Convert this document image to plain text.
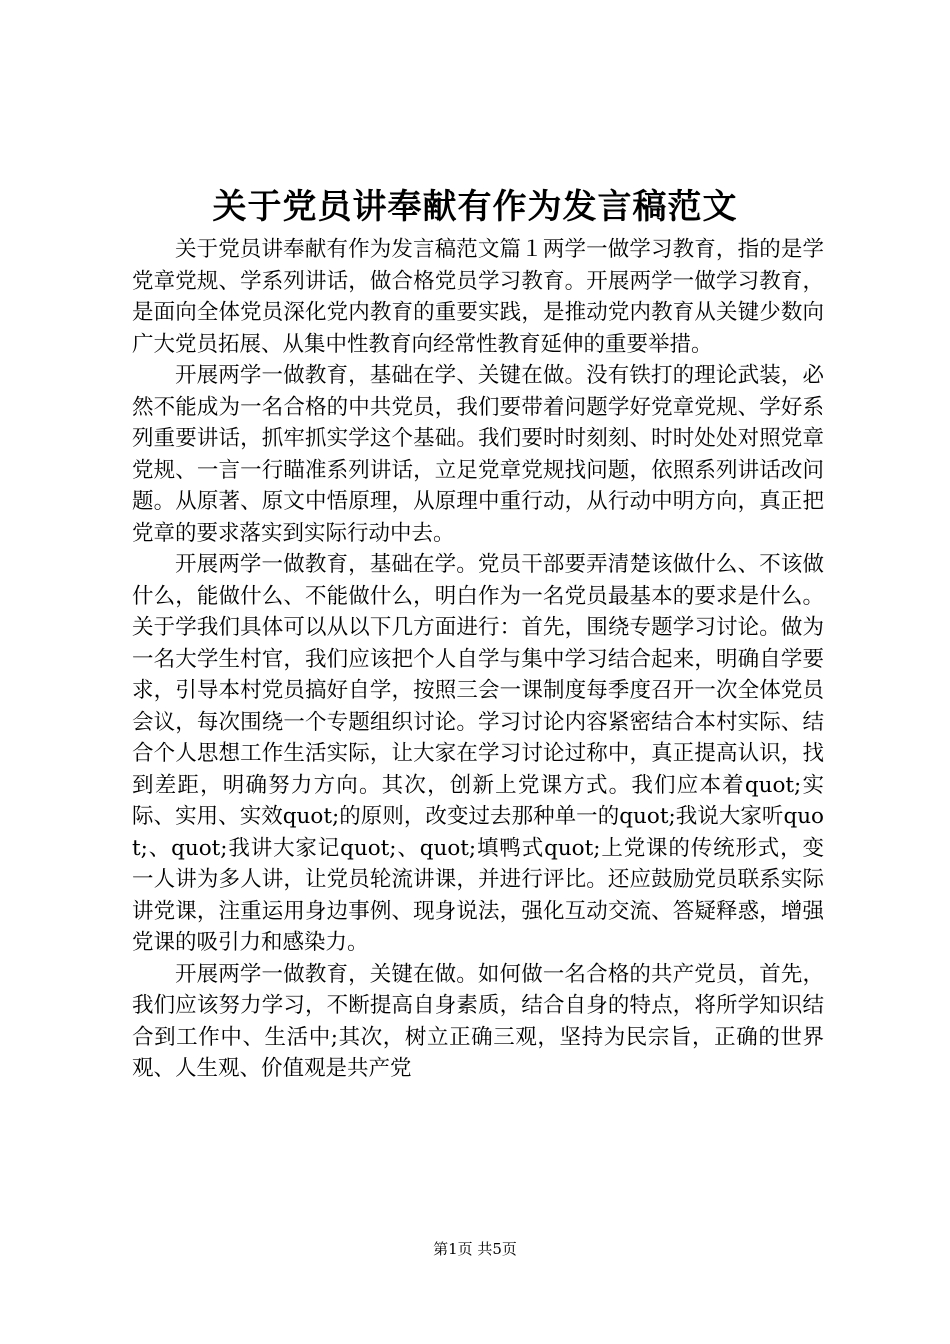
关于党员讲奉献有作为发言稿范文

关于党员讲奉献有作为发言稿范文篇１两学一做学习教育，指的是学党章党规、学系列讲话，做合格党员学习教育。开展两学一做学习教育，是面向全体党员深化党内教育的重要实践，是推动党内教育从关键少数向广大党员拓展、从集中性教育向经常性教育延伸的重要举措。

开展两学一做教育，基础在学、关键在做。没有铁打的理论武装，必然不能成为一名合格的中共党员，我们要带着问题学好党章党规、学好系列重要讲话，抓牢抓实学这个基础。我们要时时刻刻、时时处处对照党章党规、一言一行瞄准系列讲话，立足党章党规找问题，依照系列讲话改问题。从原著、原文中悟原理，从原理中重行动，从行动中明方向，真正把党章的要求落实到实际行动中去。

开展两学一做教育，基础在学。党员干部要弄清楚该做什么、不该做什么，能做什么、不能做什么，明白作为一名党员最基本的要求是什么。关于学我们具体可以从以下几方面进行：首先，围绕专题学习讨论。做为一名大学生村官，我们应该把个人自学与集中学习结合起来，明确自学要求，引导本村党员搞好自学，按照三会一课制度每季度召开一次全体党员会议，每次围绕一个专题组织讨论。学习讨论内容紧密结合本村实际、结合个人思想工作生活实际，让大家在学习讨论过称中，真正提高认识，找到差距，明确努力方向。其次，创新上党课方式。我们应本着quot;实际、实用、实效quot;的原则，改变过去那种单一的quot;我说大家听quot;、quot;我讲大家记quot;、quot;填鸭式quot;上党课的传统形式，变一人讲为多人讲，让党员轮流讲课，并进行评比。还应鼓励党员联系实际讲党课，注重运用身边事例、现身说法，强化互动交流、答疑释惑，增强党课的吸引力和感染力。

开展两学一做教育，关键在做。如何做一名合格的共产党员，首先，我们应该努力学习，不断提高自身素质，结合自身的特点，将所学知识结合到工作中、生活中;其次，树立正确三观，坚持为民宗旨，正确的世界观、人生观、价值观是共产党

第1页 共5页
